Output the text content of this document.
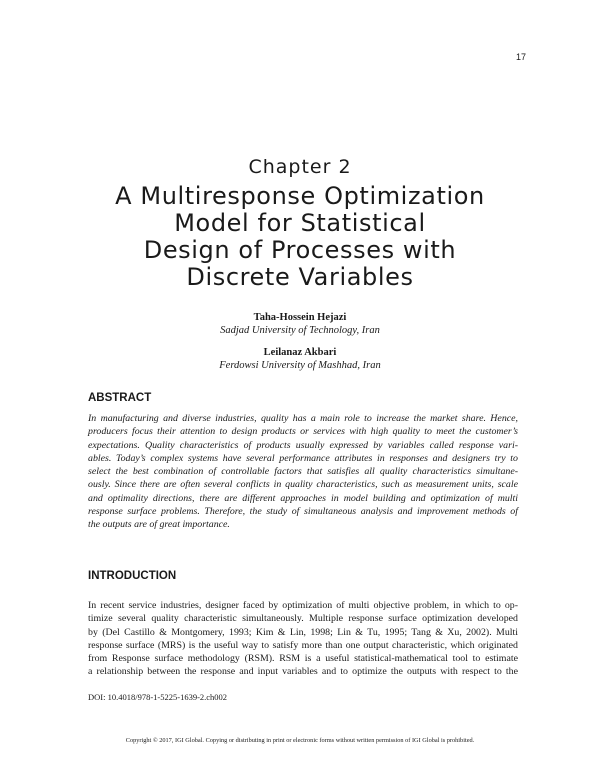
17
Chapter 2
A Multiresponse Optimization
Model for Statistical
Design of Processes with
Discrete Variables
Taha-Hossein Hejazi
Sadjad University of Technology, Iran
Leilanaz Akbari
Ferdowsi University of Mashhad, Iran
ABSTRACT
In manufacturing and diverse industries, quality has a main role to increase the market share. Hence,
producers focus their attention to design products or services with high quality to meet the customer’s
expectations. Quality characteristics of products usually expressed by variables called response vari-
ables. Today’s complex systems have several performance attributes in responses and designers try to
select the best combination of controllable factors that satisfies all quality characteristics simultane-
ously. Since there are often several conflicts in quality characteristics, such as measurement units, scale
and optimality directions, there are different approaches in model building and optimization of multi
response surface problems. Therefore, the study of simultaneous analysis and improvement methods of
the outputs are of great importance.
INTRODUCTION
In recent service industries, designer faced by optimization of multi objective problem, in which to op-
timize several quality characteristic simultaneously. Multiple response surface optimization developed
by (Del Castillo & Montgomery, 1993; Kim & Lin, 1998; Lin & Tu, 1995; Tang & Xu, 2002). Multi
response surface (MRS) is the useful way to satisfy more than one output characteristic, which originated
from Response surface methodology (RSM). RSM is a useful statistical-mathematical tool to estimate
a relationship between the response and input variables and to optimize the outputs with respect to the
DOI: 10.4018/978-1-5225-1639-2.ch002
Copyright © 2017, IGI Global. Copying or distributing in print or electronic forms without written permission of IGI Global is prohibited.
